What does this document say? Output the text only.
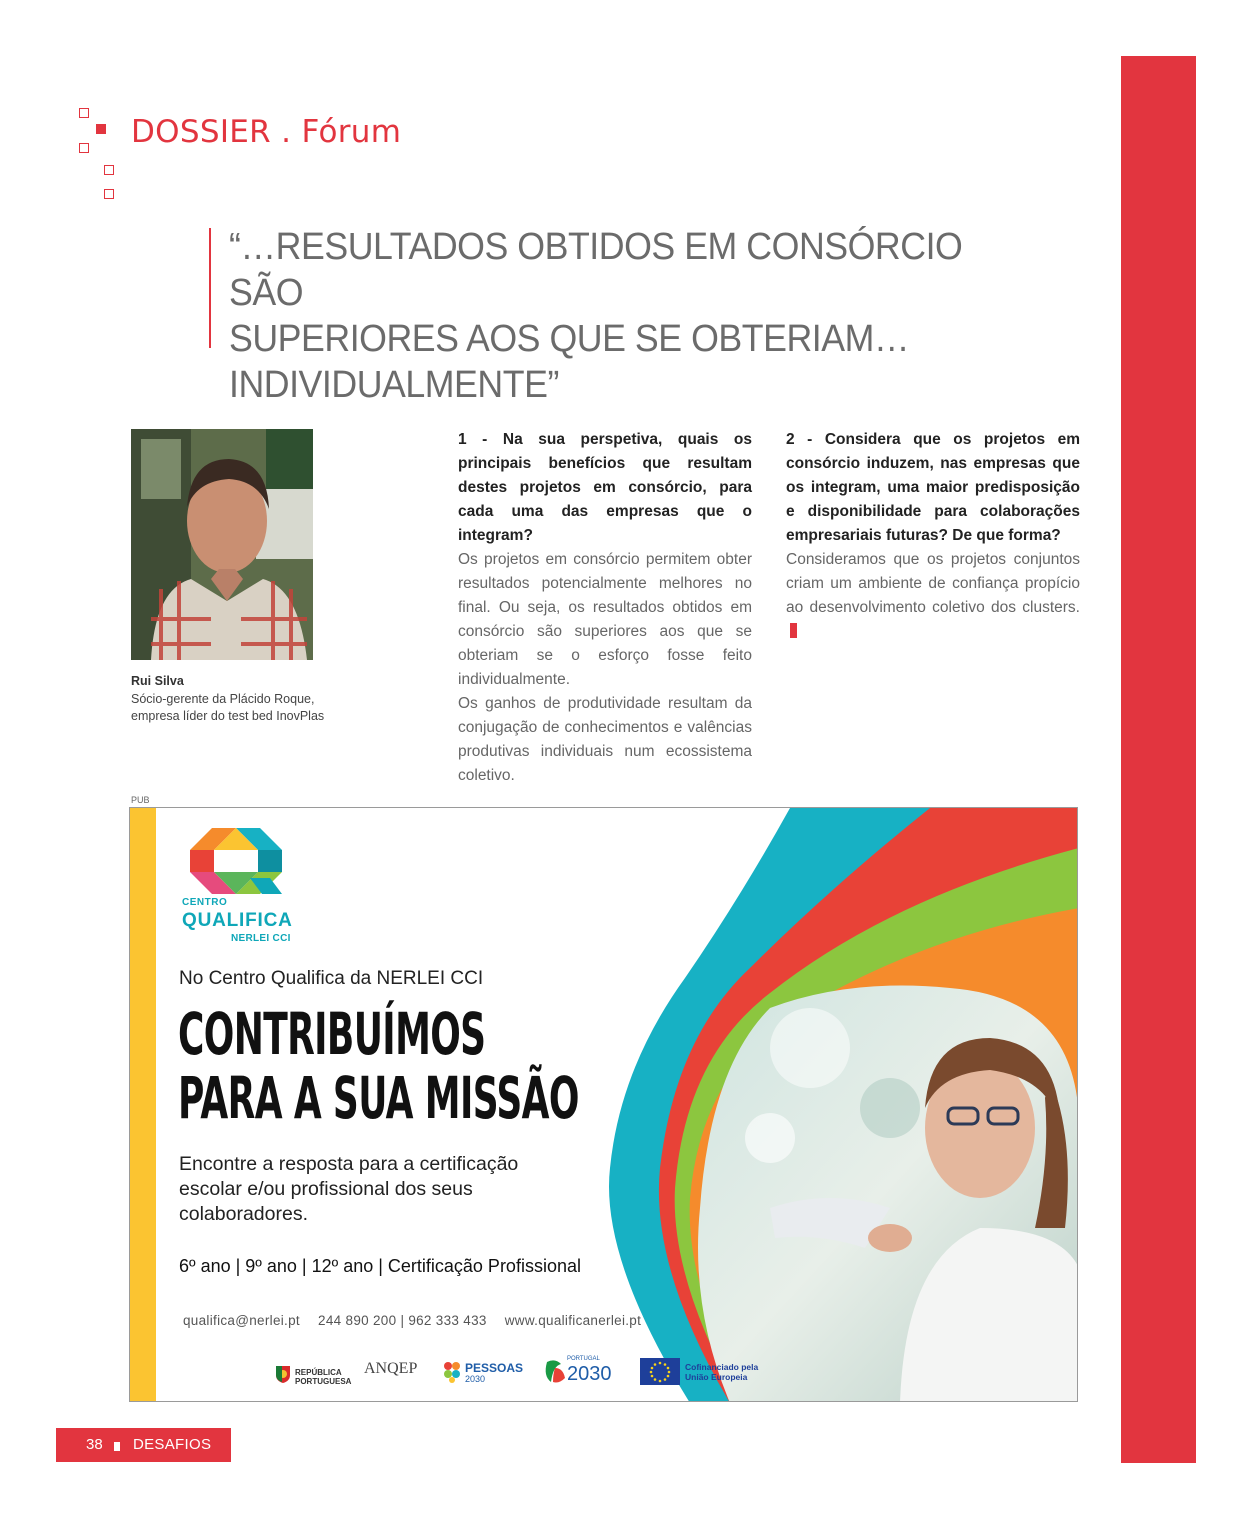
DOSSIER . Fórum
“…RESULTADOS OBTIDOS EM CONSÓRCIO SÃO
SUPERIORES AOS QUE SE OBTERIAM…
INDIVIDUALMENTE”
Rui Silva
Sócio-gerente da Plácido Roque,
empresa líder do test bed InovPlas
1 - Na sua perspetiva, quais os principais benefícios que resultam destes projetos em consórcio, para cada uma das empresas que o integram?
Os projetos em consórcio permitem obter resultados potencialmente melhores no final. Ou seja, os resultados obtidos em consórcio são superiores aos que se obteriam se o esforço fosse feito individualmente.
Os ganhos de produtividade resultam da conjugação de conhecimentos e valências produtivas individuais num ecossistema coletivo.
2 - Considera que os projetos em consórcio induzem, nas empresas que os integram, uma maior predisposição e disponibilidade para colaborações empresariais futuras? De que forma?
Consideramos que os projetos conjuntos criam um ambiente de confiança propício ao desenvolvimento coletivo dos clusters.
PUB
CENTRO
QUALIFICA
NERLEI CCI
No Centro Qualifica da NERLEI CCI
CONTRIBUÍMOS
PARA A SUA MISSÃO
Encontre a resposta para a certificação
escolar e/ou profissional dos seus
colaboradores.
6º ano | 9º ano | 12º ano | Certificação Profissional
qualifica@nerlei.pt 244 890 200 | 962 333 433 www.qualificanerlei.pt
REPÚBLICA
PORTUGUESA
ANQEP	PESSOAS
2030
PORTUGAL
2030	Cofinanciado pela
União Europeia
38 DESAFIOS
